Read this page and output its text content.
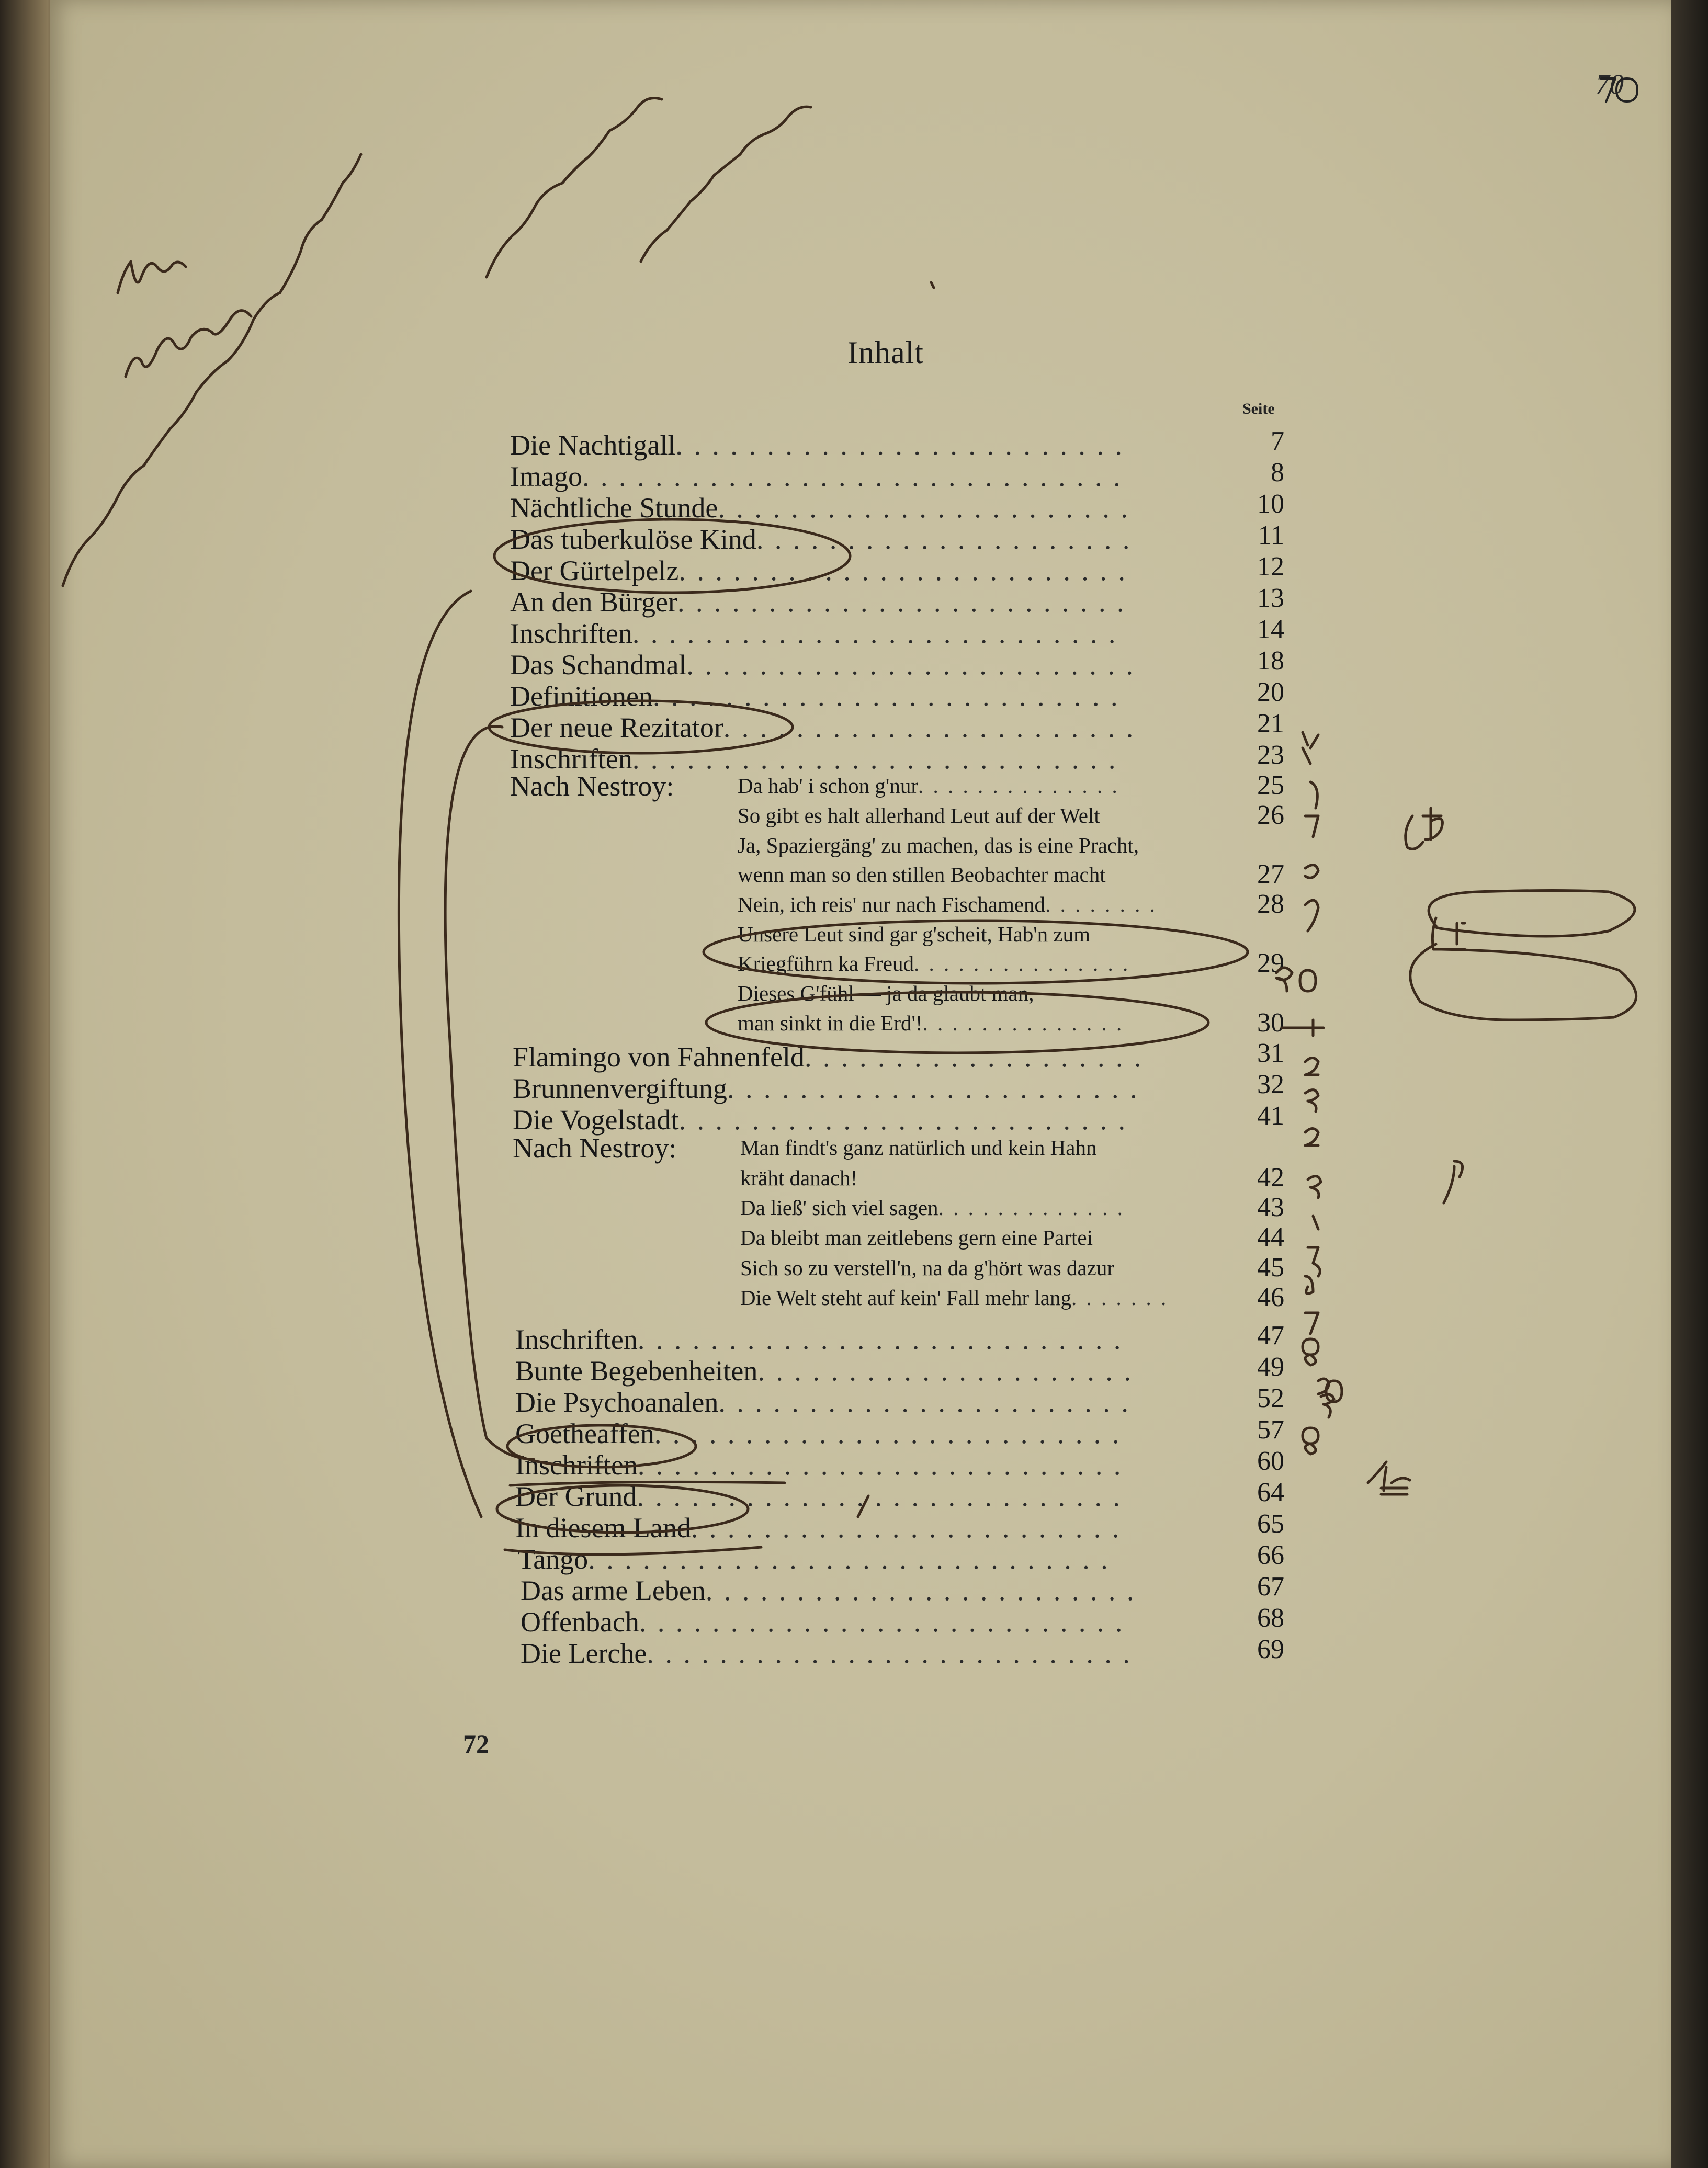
70
Inhalt
Seite
Die Nachtigall. . . . . . . . . . . . . . . . . . . . . . . . .	7
Imago. . . . . . . . . . . . . . . . . . . . . . . . . . . . . .	8
Nächtliche Stunde. . . . . . . . . . . . . . . . . . . . . . .	10
Das tuberkulöse Kind. . . . . . . . . . . . . . . . . . . . .	11
Der Gürtelpelz. . . . . . . . . . . . . . . . . . . . . . . . .	12
An den Bürger. . . . . . . . . . . . . . . . . . . . . . . . .	13
Inschriften. . . . . . . . . . . . . . . . . . . . . . . . . . .	14
Das Schandmal. . . . . . . . . . . . . . . . . . . . . . . . .	18
Definitionen. . . . . . . . . . . . . . . . . . . . . . . . . .	20
Der neue Rezitator. . . . . . . . . . . . . . . . . . . . . . .	21
Inschriften. . . . . . . . . . . . . . . . . . . . . . . . . . .	23
Nach Nestroy:	Da hab' i schon g'nur. . . . . . . . . . . . . .	25
So gibt es halt allerhand Leut auf der Welt	26
Ja, Spaziergäng' zu machen, das is eine Pracht,
wenn man so den stillen Beobachter macht	27
Nein, ich reis' nur nach Fischamend. . . . . . . .	28
Unsere Leut sind gar g'scheit, Hab'n zum
Kriegführn ka Freud. . . . . . . . . . . . . . .	29
Dieses G'fühl — ja da glaubt man,
man sinkt in die Erd'!. . . . . . . . . . . . . .	30
Flamingo von Fahnenfeld. . . . . . . . . . . . . . . . . . .	31
Brunnenvergiftung. . . . . . . . . . . . . . . . . . . . . . .	32
Die Vogelstadt. . . . . . . . . . . . . . . . . . . . . . . . .	41
Nach Nestroy:	Man findt's ganz natürlich und kein Hahn
kräht danach!	42
Da ließ' sich viel sagen. . . . . . . . . . . . .	43
Da bleibt man zeitlebens gern eine Partei	44
Sich so zu verstell'n, na da g'hört was dazur	45
Die Welt steht auf kein' Fall mehr lang. . . . . . .	46
Inschriften. . . . . . . . . . . . . . . . . . . . . . . . . . .	47
Bunte Begebenheiten. . . . . . . . . . . . . . . . . . . . .	49
Die Psychoanalen. . . . . . . . . . . . . . . . . . . . . . .	52
Goetheaffen. . . . . . . . . . . . . . . . . . . . . . . . . .	57
Inschriften. . . . . . . . . . . . . . . . . . . . . . . . . . .	60
Der Grund. . . . . . . . . . . . . . . . . . . . . . . . . . .	64
In diesem Land. . . . . . . . . . . . . . . . . . . . . . . .	65
Tango. . . . . . . . . . . . . . . . . . . . . . . . . . . . .	66
Das arme Leben. . . . . . . . . . . . . . . . . . . . . . . .	67
Offenbach. . . . . . . . . . . . . . . . . . . . . . . . . . .	68
Die Lerche. . . . . . . . . . . . . . . . . . . . . . . . . . .	69
72
